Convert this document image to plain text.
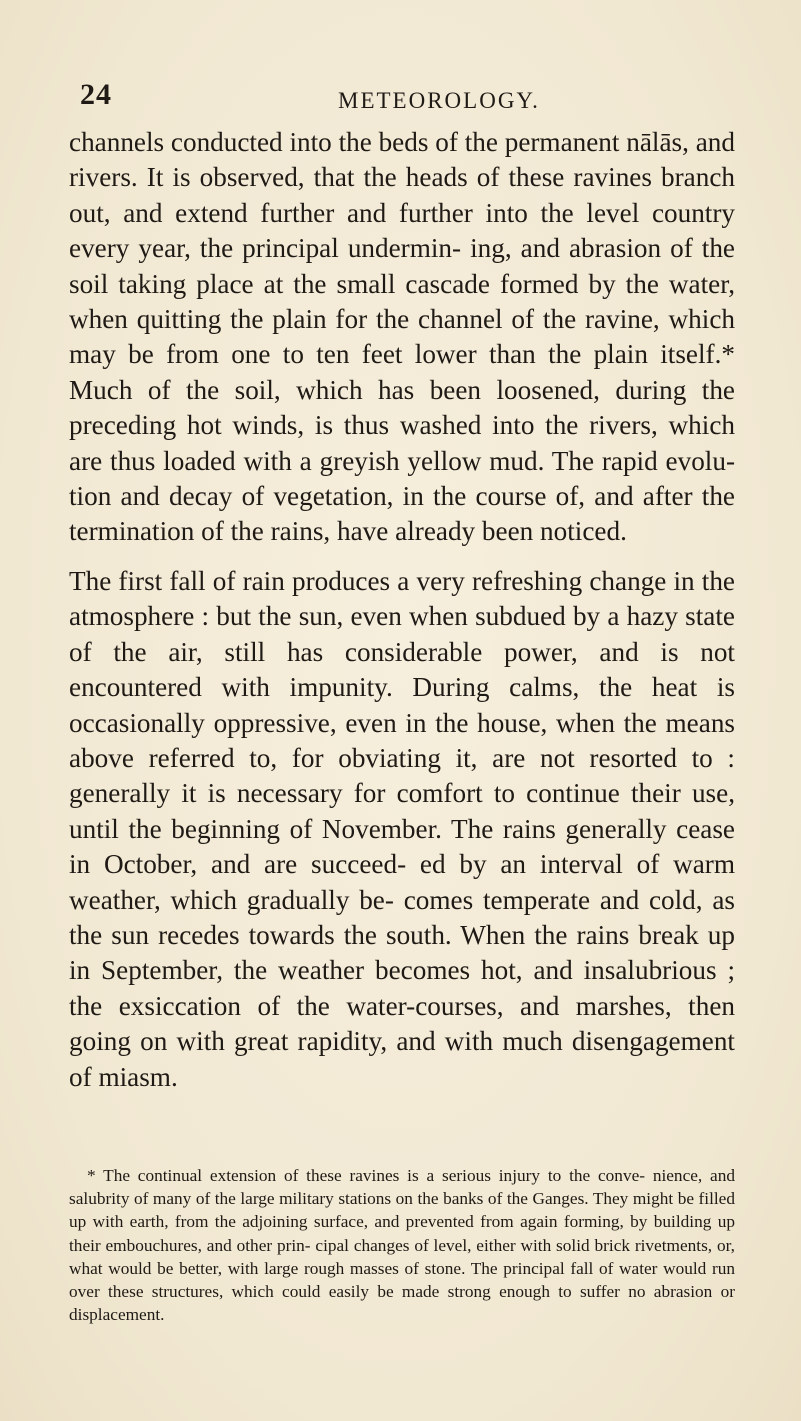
24	METEOROLOGY.

channels conducted into the beds of the permanent nālās, and rivers. It is observed, that the heads of these ravines branch out, and extend further and further into the level country every year, the principal undermin- ing, and abrasion of the soil taking place at the small cascade formed by the water, when quitting the plain for the channel of the ravine, which may be from one to ten feet lower than the plain itself.* Much of the soil, which has been loosened, during the preceding hot winds, is thus washed into the rivers, which are thus loaded with a greyish yellow mud. The rapid evolu- tion and decay of vegetation, in the course of, and after the termination of the rains, have already been noticed.

The first fall of rain produces a very refreshing change in the atmosphere : but the sun, even when subdued by a hazy state of the air, still has considerable power, and is not encountered with impunity. During calms, the heat is occasionally oppressive, even in the house, when the means above referred to, for obviating it, are not resorted to : generally it is necessary for comfort to continue their use, until the beginning of November. The rains generally cease in October, and are succeed- ed by an interval of warm weather, which gradually be- comes temperate and cold, as the sun recedes towards the south. When the rains break up in September, the weather becomes hot, and insalubrious ; the exsiccation of the water-courses, and marshes, then going on with great rapidity, and with much disengagement of miasm.

* The continual extension of these ravines is a serious injury to the conve- nience, and salubrity of many of the large military stations on the banks of the Ganges. They might be filled up with earth, from the adjoining surface, and prevented from again forming, by building up their embouchures, and other prin- cipal changes of level, either with solid brick rivetments, or, what would be better, with large rough masses of stone. The principal fall of water would run over these structures, which could easily be made strong enough to suffer no abrasion or displacement.
